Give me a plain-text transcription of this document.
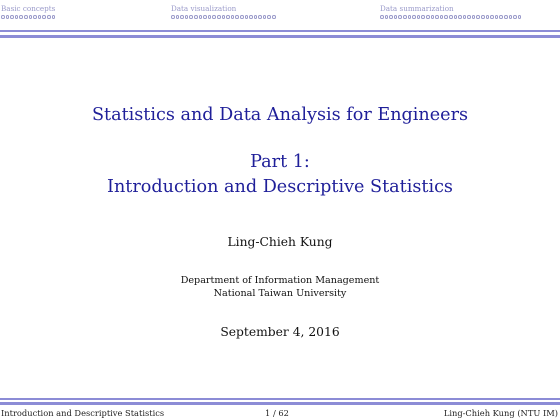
Basic concepts	Data visualization	Data summarization
Statistics and Data Analysis for Engineers
Part 1:
Introduction and Descriptive Statistics
Ling-Chieh Kung
Department of Information Management
National Taiwan University
September 4, 2016
Introduction and Descriptive Statistics	1 / 62	Ling-Chieh Kung (NTU IM)
